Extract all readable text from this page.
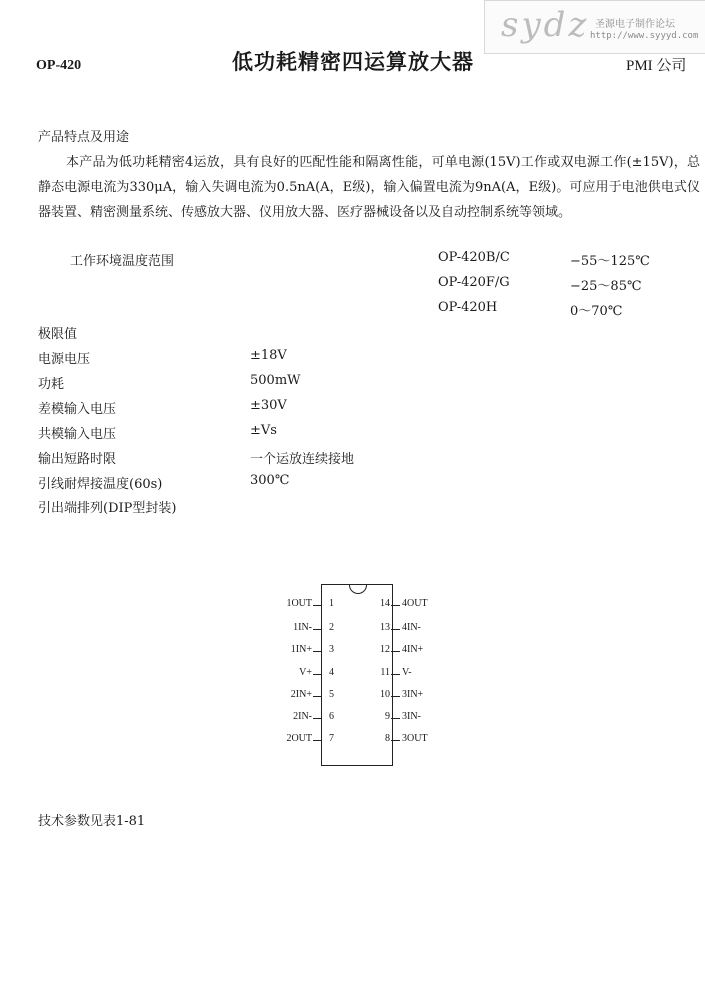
OP-420	低功耗精密四运算放大器	PMI 公司
sydz 圣源电子制作论坛
http://www.syyyd.com
产品特点及用途
本产品为低功耗精密4运放，具有良好的匹配性能和隔离性能，可单电源(15V)工作或双电源工作(±15V)，总静态电源电流为330μA，输入失调电流为0.5nA(A，E级)，输入偏置电流为9nA(A，E级)。可应用于电池供电式仪器装置、精密测量系统、传感放大器、仪用放大器、医疗器械设备以及自动控制系统等领域。
工作环境温度范围	OP-420B/C	−55～125℃
OP-420F/G	−25～85℃
OP-420H	0～70℃
极限值
电源电压	±18V
功耗	500mW
差模输入电压	±30V
共模输入电压	±Vs
输出短路时限	一个运放连续接地
引线耐焊接温度(60s)	300℃
引出端排列(DIP型封装)
1OUT 1
1IN- 2
1IN+ 3
V+ 4
2IN+ 5
2IN- 6
2OUT 7
14 4OUT
13 4IN-
12 4IN+
11 V-
10 3IN+
9 3IN-
8 3OUT
技术参数见表1-81
